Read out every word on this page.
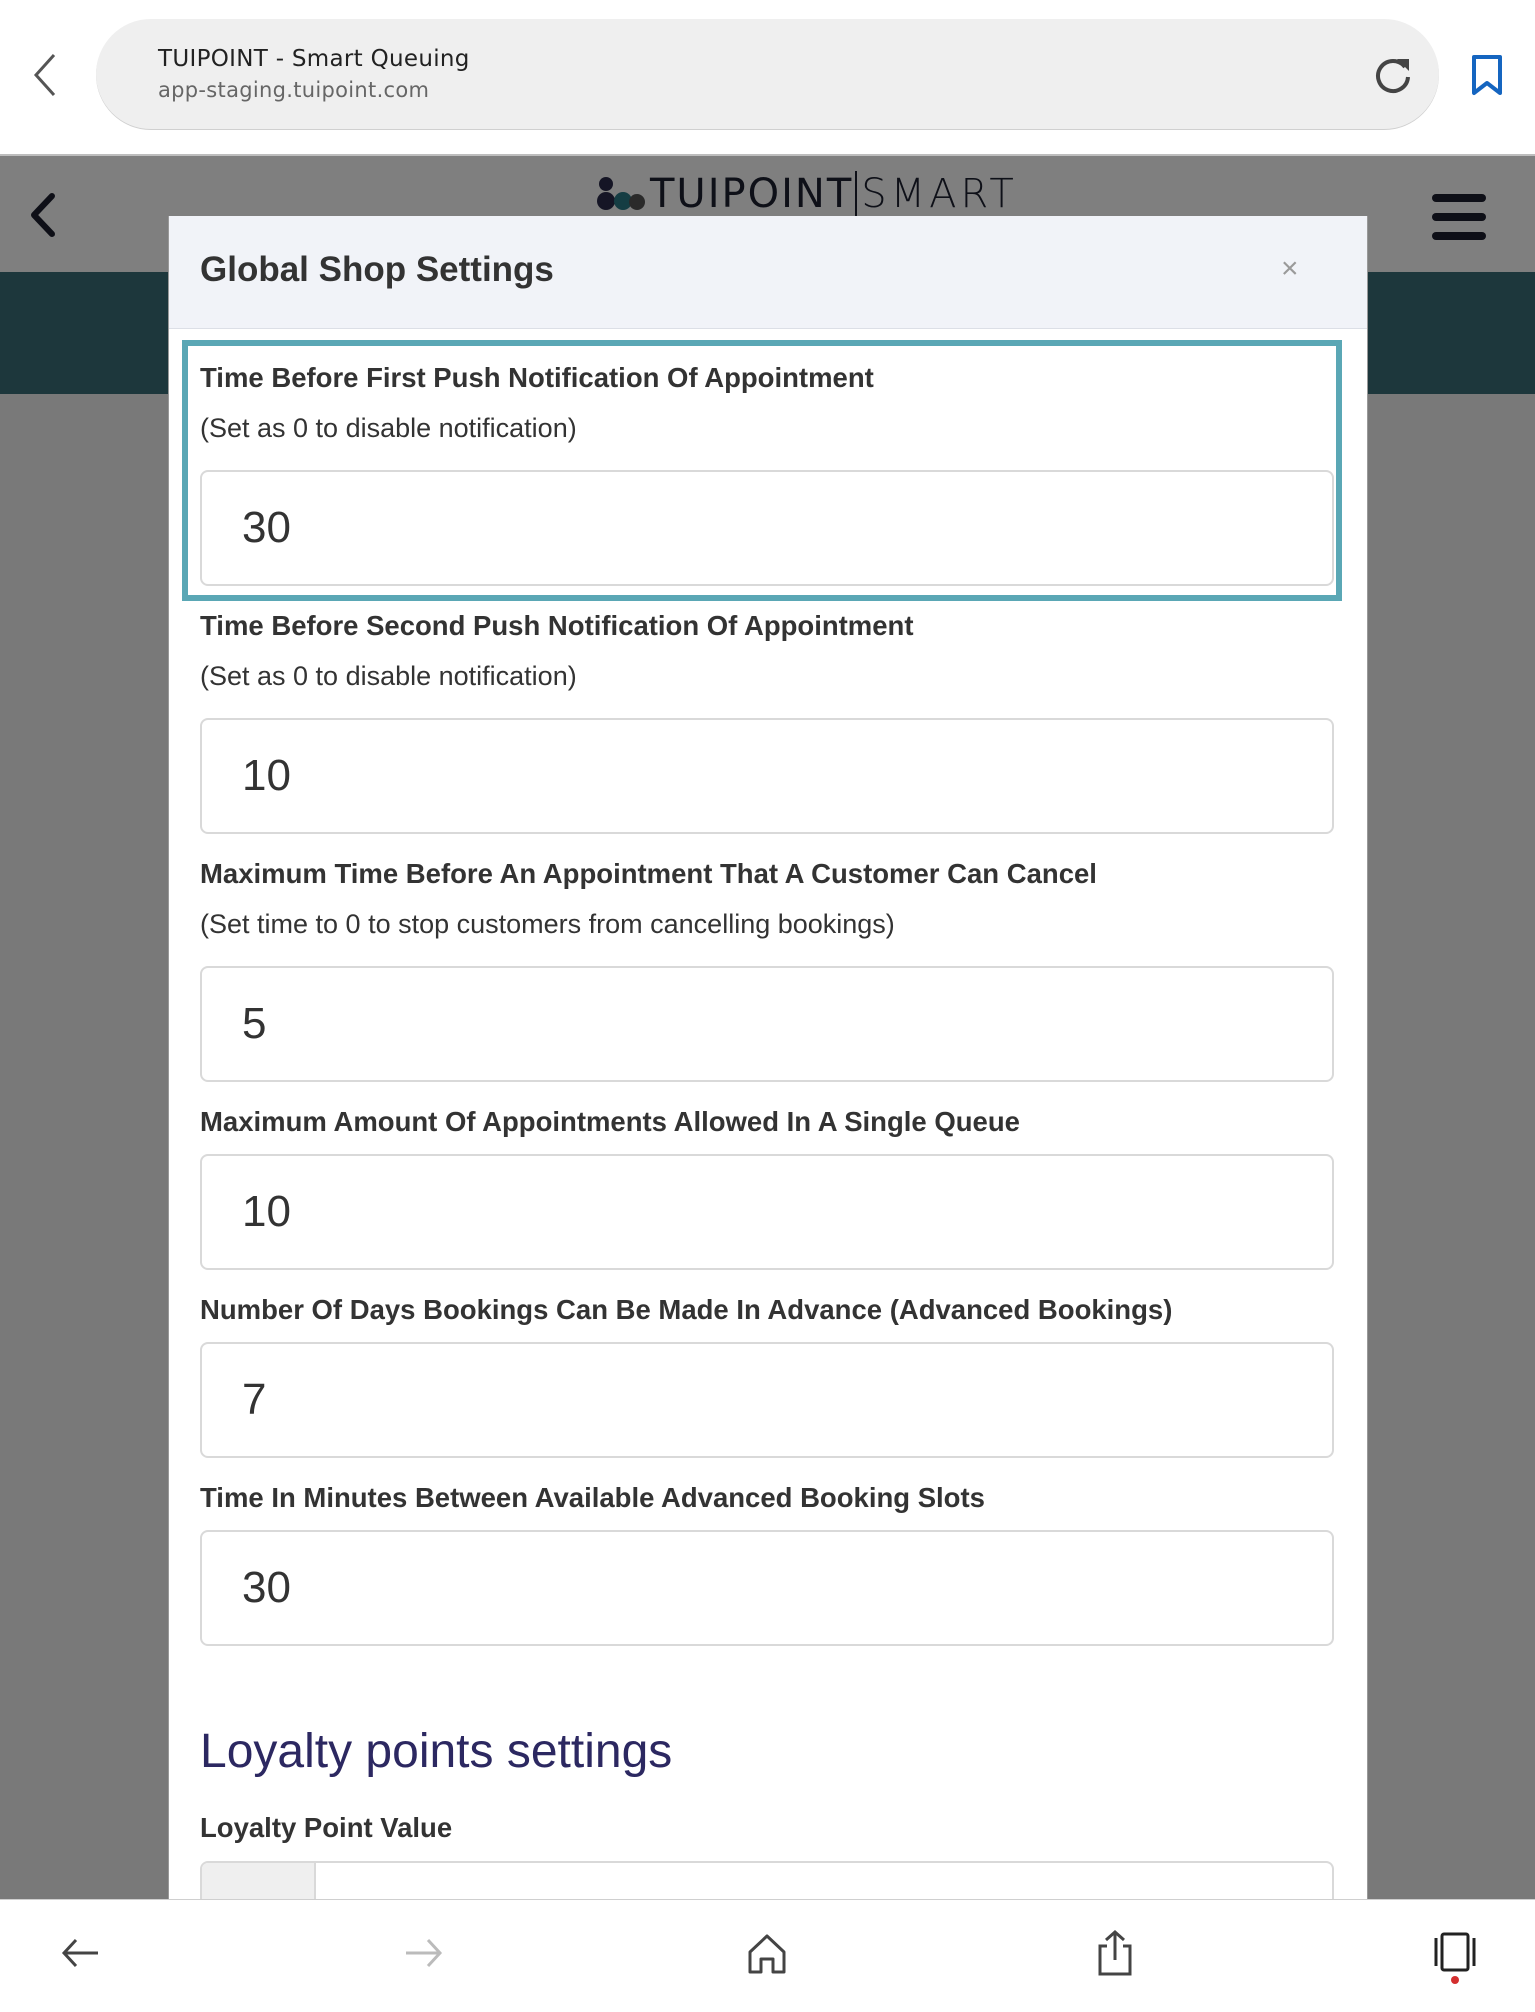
TUIPOINT - Smart Queuing
app-staging.tuipoint.com
Global Shop Settings	×
Time Before First Push Notification Of Appointment
(Set as 0 to disable notification)
30
Time Before Second Push Notification Of Appointment
(Set as 0 to disable notification)
10
Maximum Time Before An Appointment That A Customer Can Cancel
(Set time to 0 to stop customers from cancelling bookings)
5
Maximum Amount Of Appointments Allowed In A Single Queue
10
Number Of Days Bookings Can Be Made In Advance (Advanced Bookings)
7
Time In Minutes Between Available Advanced Booking Slots
30
Loyalty points settings
Loyalty Point Value
